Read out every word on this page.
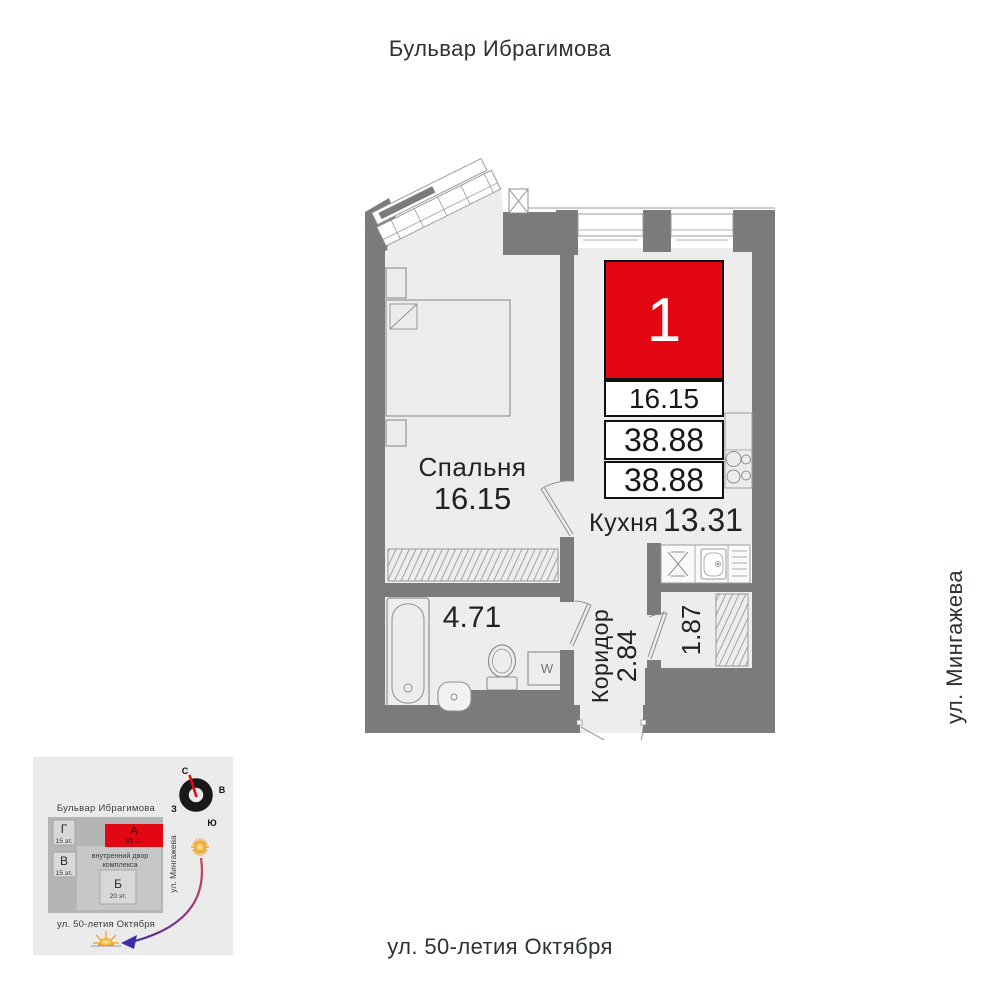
Бульвар Ибрагимова
ул. Мингажева
ул. 50-летия Октября
1
16.15
38.88
38.88
Спальня
16.15
Кухня 13.31
4.71	Коридор 2.84 1.87
W
С
В
З
Ю
Бульвар Ибрагимова
Г
15 эт.
А
33 эт.
В
15 эт.
Б
20 эт.
внутренний двор
комплекса	ул. Мингажева
ул. 50-летия Октября
